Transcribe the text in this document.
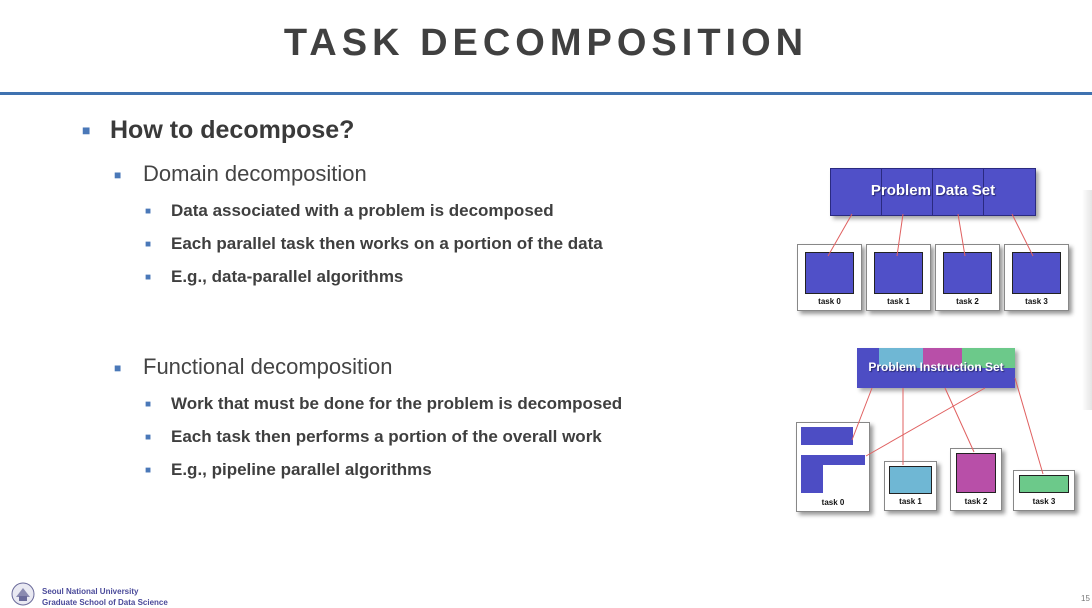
TASK DECOMPOSITION
■ How to decompose?
■ Domain decomposition
■ Data associated with a problem is decomposed
■ Each parallel task then works on a portion of the data
■ E.g., data-parallel algorithms
■ Functional decomposition
■ Work that must be done for the problem is decomposed
■ Each task then performs a portion of the overall work
■ E.g., pipeline parallel algorithms
Problem Data Set
task 0	task 1	task 2	task 3
Problem Instruction Set
task 0	task 1	task 2	task 3
Seoul National University
Graduate School of Data Science	15
